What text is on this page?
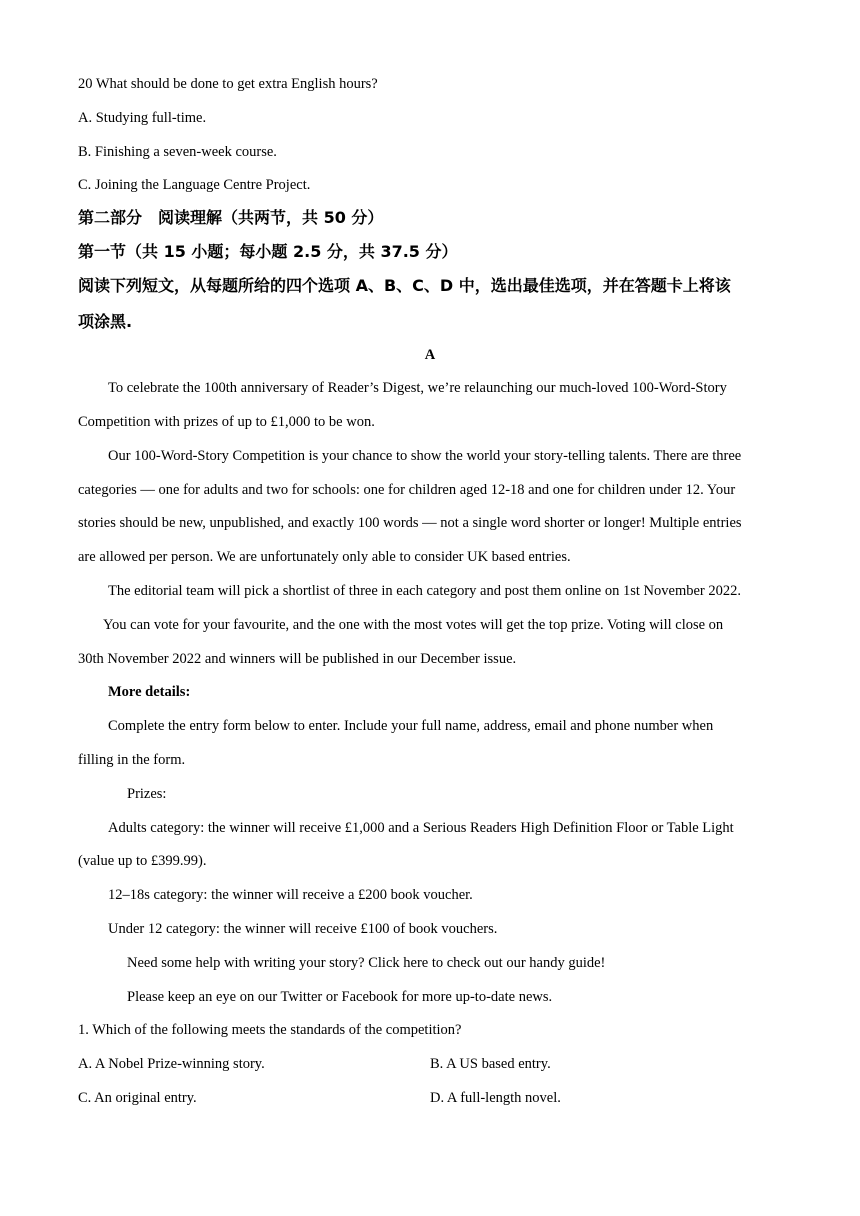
20 What should be done to get extra English hours?
A. Studying full-time.
B. Finishing a seven-week course.
C. Joining the Language Centre Project.
第二部分　阅读理解（共两节，共 50 分）
第一节（共 15 小题；每小题 2.5 分，共 37.5 分）
阅读下列短文，从每题所给的四个选项 A、B、C、D 中，选出最佳选项，并在答题卡上将该
项涂黑.
A
To celebrate the 100th anniversary of Reader’s Digest, we’re relaunching our much-loved 100-Word-Story
Competition with prizes of up to £1,000 to be won.
Our 100-Word-Story Competition is your chance to show the world your story-telling talents. There are three
categories — one for adults and two for schools: one for children aged 12-18 and one for children under 12. Your
stories should be new, unpublished, and exactly 100 words — not a single word shorter or longer! Multiple entries
are allowed per person. We are unfortunately only able to consider UK based entries.
The editorial team will pick a shortlist of three in each category and post them online on 1st November 2022.
You can vote for your favourite, and the one with the most votes will get the top prize. Voting will close on
30th November 2022 and winners will be published in our December issue.
More details:
Complete the entry form below to enter. Include your full name, address, email and phone number when
filling in the form.
Prizes:
Adults category: the winner will receive £1,000 and a Serious Readers High Definition Floor or Table Light
(value up to £399.99).
12–18s category: the winner will receive a £200 book voucher.
Under 12 category: the winner will receive £100 of book vouchers.
Need some help with writing your story? Click here to check out our handy guide!
Please keep an eye on our Twitter or Facebook for more up-to-date news.
1. Which of the following meets the standards of the competition?
A. A Nobel Prize-winning story.	B. A US based entry.
C. An original entry.	D. A full-length novel.
